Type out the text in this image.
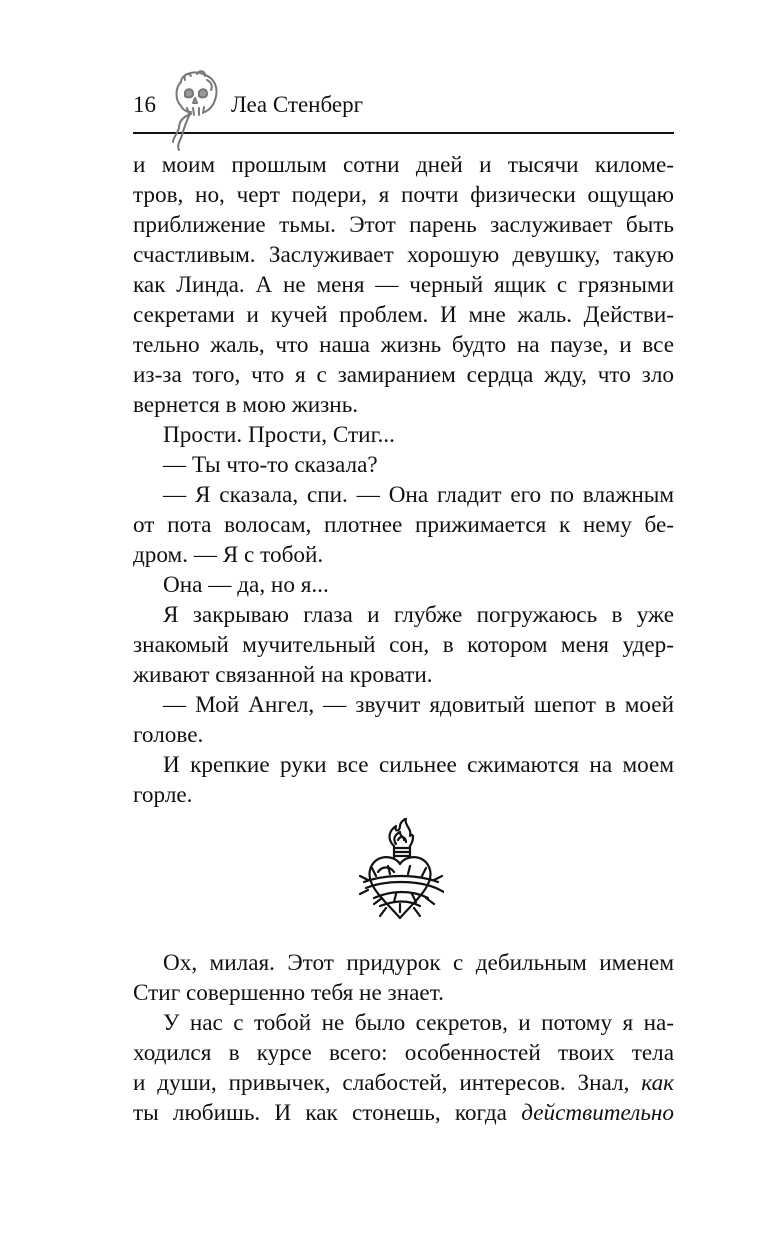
16	Леа Стенберг

и моим прошлым сотни дней и тысячи киломе-
тров, но, черт подери, я почти физически ощущаю
приближение тьмы. Этот парень заслуживает быть
счастливым. Заслуживает хорошую девушку, такую
как Линда. А не меня — черный ящик с грязными
секретами и кучей проблем. И мне жаль. Действи-
тельно жаль, что наша жизнь будто на паузе, и все
из-за того, что я с замиранием сердца жду, что зло
вернется в мою жизнь.

Прости. Прости, Стиг...

— Ты что-то сказала?

— Я сказала, спи. — Она гладит его по влажным
от пота волосам, плотнее прижимается к нему бе-
дром. — Я с тобой.

Она — да, но я...

Я закрываю глаза и глубже погружаюсь в уже
знакомый мучительный сон, в котором меня удер-
живают связанной на кровати.

— Мой Ангел, — звучит ядовитый шепот в моей
голове.

И крепкие руки все сильнее сжимаются на моем
горле.

Ох, милая. Этот придурок с дебильным именем
Стиг совершенно тебя не знает.

У нас с тобой не было секретов, и потому я на-
ходился в курсе всего: особенностей твоих тела
и души, привычек, слабостей, интересов. Знал, как
ты любишь. И как стонешь, когда действительно
